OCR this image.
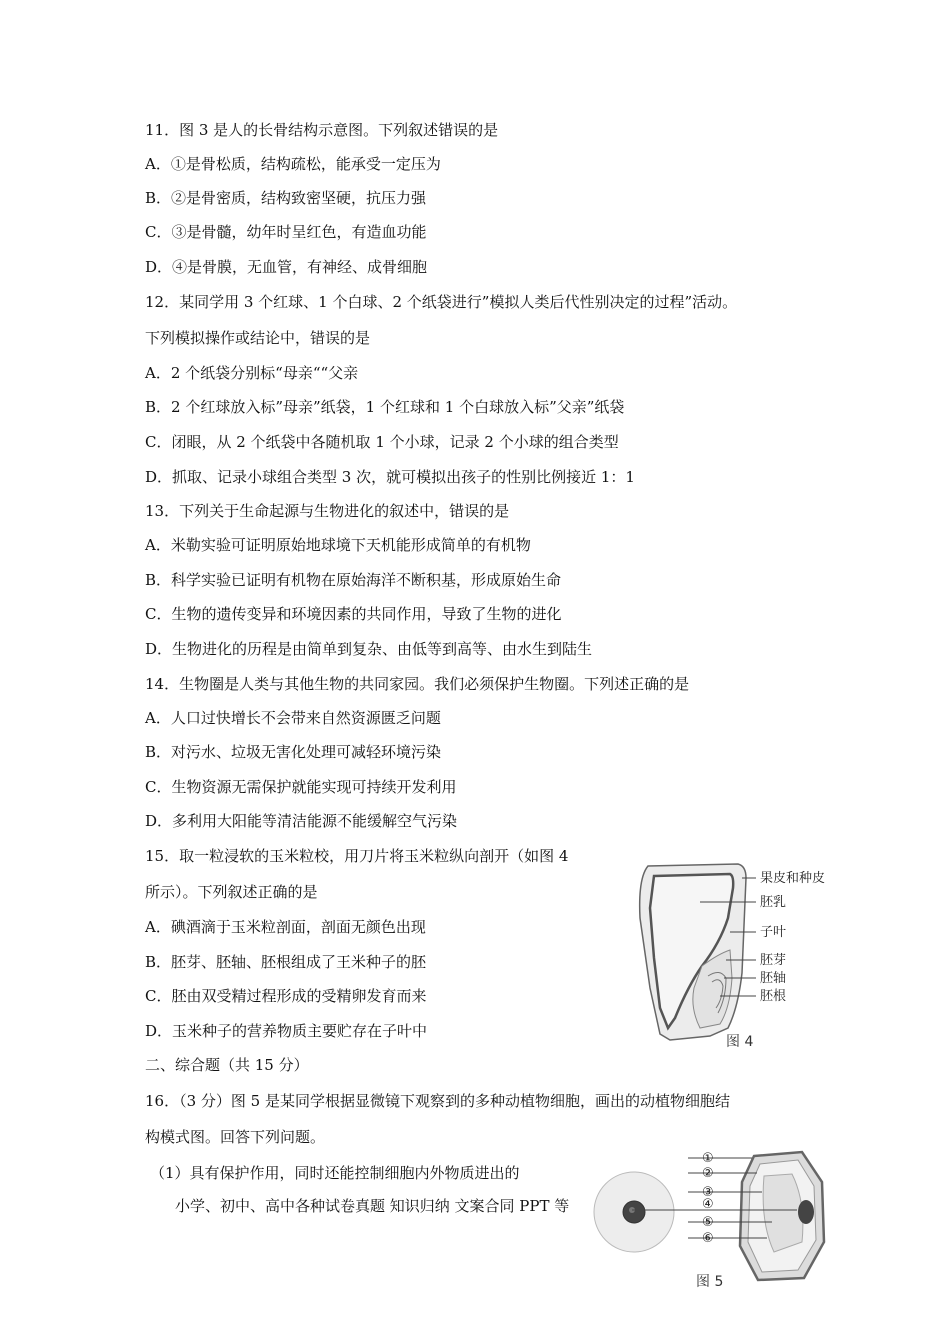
11．图 3 是人的长骨结构示意图。下列叙述错误的是
A．①是骨松质，结构疏松，能承受一定压为
B．②是骨密质，结构致密坚硬，抗压力强
C．③是骨髓，幼年时呈红色，有造血功能
D．④是骨膜，无血管，有神经、成骨细胞
12．某同学用 3 个红球、1 个白球、2 个纸袋进行”模拟人类后代性别决定的过程”活动。
下列模拟操作或结论中，错误的是
A．2 个纸袋分别标“母亲““父亲
B．2 个红球放入标”母亲”纸袋，1 个红球和 1 个白球放入标”父亲”纸袋
C．闭眼，从 2 个纸袋中各随机取 1 个小球，记录 2 个小球的组合类型
D．抓取、记录小球组合类型 3 次，就可模拟出孩子的性别比例接近 1：1
13．下列关于生命起源与生物进化的叙述中，错误的是
A．米勒实验可证明原始地球境下天机能形成简单的有机物
B．科学实验已证明有机物在原始海洋不断积基，形成原始生命
C．生物的遗传变异和环境因素的共同作用，导致了生物的进化
D．生物进化的历程是由简单到复杂、由低等到高等、由水生到陆生
14．生物圈是人类与其他生物的共同家园。我们必须保护生物圈。下列述正确的是
A．人口过快增长不会带来自然资源匮乏问题
B．对污水、垃圾无害化处理可减轻环境污染
C．生物资源无需保护就能实现可持续开发利用
D．多利用大阳能等清洁能源不能缓解空气污染
15．取一粒浸软的玉米粒校，用刀片将玉米粒纵向剖开（如图 4
所示）。下列叙述正确的是
A．碘酒滴于玉米粒剖面，剖面无颜色出现
B．胚芽、胚轴、胚根组成了王米种子的胚
C．胚由双受精过程形成的受精卵发育而来
D．玉米种子的营养物质主要贮存在子叶中
二、综合题（共 15 分）
16．（3 分）图 5 是某同学根据显微镜下观察到的多种动植物细胞，画出的动植物细胞结
构模式图。回答下列问题。
（1）具有保护作用，同时还能控制细胞内外物质进出的
小学、初中、高中各种试卷真题 知识归纳 文案合同 PPT 等
果皮和种皮
胚乳
子叶
胚芽
胚轴
胚根
图 4
①
②
③
④
⑤
⑥
图 5
